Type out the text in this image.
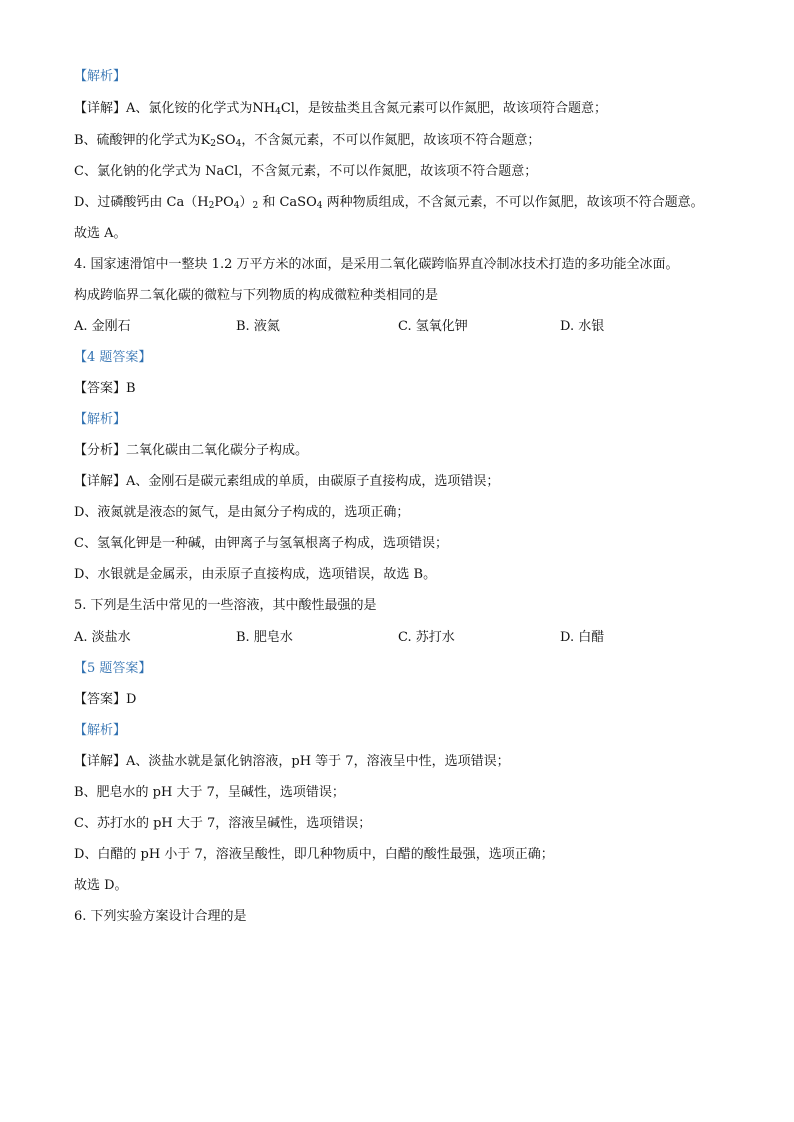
【解析】
【详解】A、氯化铵的化学式为$NH_4Cl$，是铵盐类且含氮元素可以作氮肥，故该项符合题意；
B、硫酸钾的化学式为$K_2SO_4$，不含氮元素，不可以作氮肥，故该项不符合题意；
C、氯化钠的化学式为 NaCl，不含氮元素，不可以作氮肥，故该项不符合题意；
D、过磷酸钙由 $Ca(H_2PO_4)_2$ 和 CaSO$_4$ 两种物质组成，不含氮元素，不可以作氮肥，故该项不符合题意。
故选 A。
4. 国家速滑馆中一整块 1.2 万平方米的冰面，是采用二氧化碳跨临界直冷制冰技术打造的多功能全冰面。
构成跨临界二氧化碳的微粒与下列物质的构成微粒种类相同的是
A. 金刚石	B. 液氮	C. 氢氧化钾	D. 水银
【4 题答案】
【答案】B
【解析】
【分析】二氧化碳由二氧化碳分子构成。
【详解】A、金刚石是碳元素组成的单质，由碳原子直接构成，选项错误；
D、液氮就是液态的氮气，是由氮分子构成的，选项正确；
C、氢氧化钾是一种碱，由钾离子与氢氧根离子构成，选项错误；
D、水银就是金属汞，由汞原子直接构成，选项错误，故选 B。
5. 下列是生活中常见的一些溶液，其中酸性最强的是
A. 淡盐水	B. 肥皂水	C. 苏打水	D. 白醋
【5 题答案】
【答案】D
【解析】
【详解】A、淡盐水就是氯化钠溶液，pH 等于 7，溶液呈中性，选项错误；
B、肥皂水的 pH 大于 7，呈碱性，选项错误；
C、苏打水的 pH 大于 7，溶液呈碱性，选项错误；
D、白醋的 pH 小于 7，溶液呈酸性，即几种物质中，白醋的酸性最强，选项正确；
故选 D。
6. 下列实验方案设计合理的是
